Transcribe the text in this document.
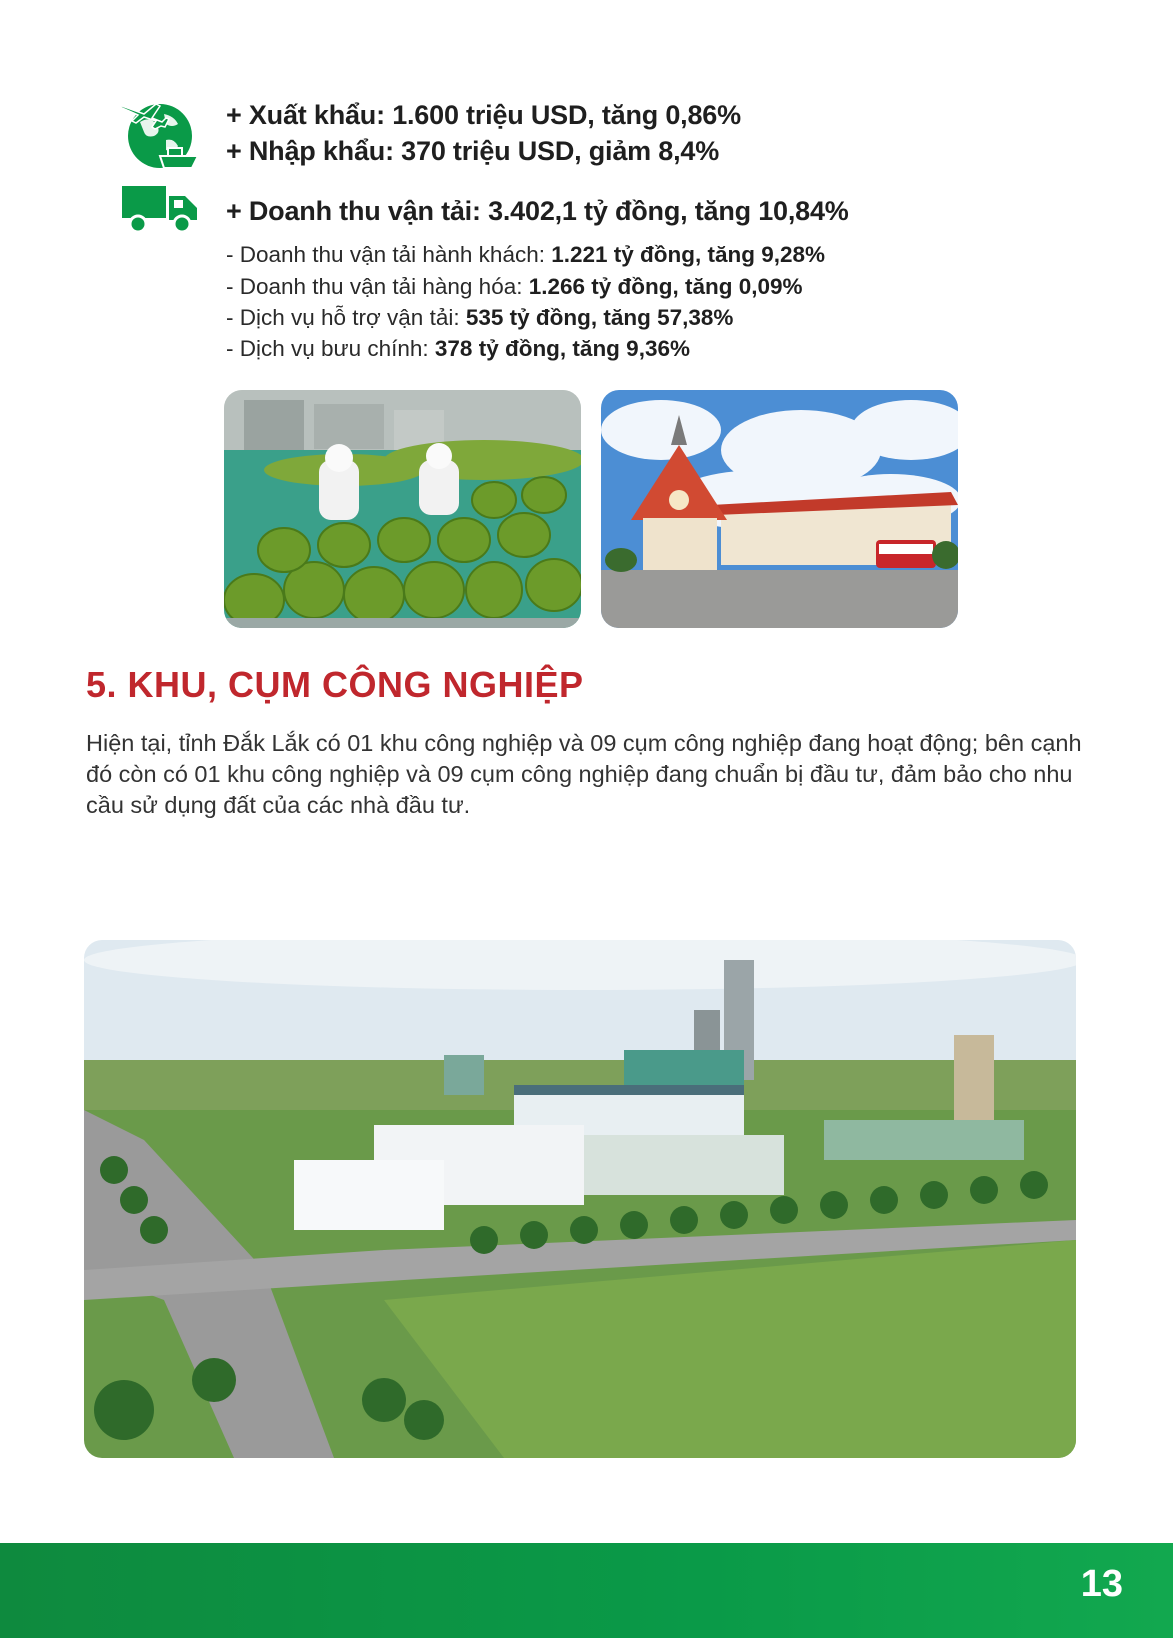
+ Xuất khẩu: 1.600 triệu USD, tăng 0,86%
+ Nhập khẩu: 370 triệu USD, giảm 8,4%
+ Doanh thu vận tải: 3.402,1 tỷ đồng, tăng 10,84%
- Doanh thu vận tải hành khách: 1.221 tỷ đồng, tăng 9,28%
- Doanh thu vận tải hàng hóa: 1.266 tỷ đồng, tăng 0,09%
- Dịch vụ hỗ trợ vận tải: 535 tỷ đồng, tăng 57,38%
- Dịch vụ bưu chính: 378 tỷ đồng, tăng 9,36%
5. KHU, CỤM CÔNG NGHIỆP
Hiện tại, tỉnh Đắk Lắk có 01 khu công nghiệp và 09 cụm công nghiệp đang hoạt động; bên cạnh đó còn có 01 khu công nghiệp và 09 cụm công nghiệp đang chuẩn bị đầu tư, đảm bảo cho nhu cầu sử dụng đất của các nhà đầu tư.
13
